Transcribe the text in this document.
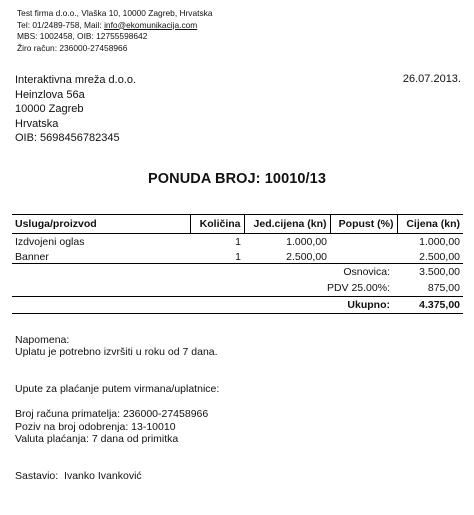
Test firma d.o.o., Vlaška 10, 10000 Zagreb, Hrvatska
Tel: 01/2489-758, Mail: info@ekomunikacija.com
MBS: 1002458, OIB: 12755598642
Žiro račun: 236000-27458966
Interaktivna mreža d.o.o.
Heinzlova 56a
10000 Zagreb
Hrvatska
OIB: 5698456782345
26.07.2013.
PONUDA BROJ: 10010/13
Usluga/proizvod	Količina	Jed.cijena (kn)	Popust (%)	Cijena (kn)
Izdvojeni oglas	1	1.000,00		1.000,00
Banner	1	2.500,00		2.500,00
Osnovica:	3.500,00
PDV 25.00%:	875,00
Ukupno:	4.375,00
Napomena:
Uplatu je potrebno izvršiti u roku od 7 dana.
Upute za plaćanje putem virmana/uplatnice:
Broj računa primatelja: 236000-27458966
Poziv na broj odobrenja: 13-10010
Valuta plaćanja: 7 dana od primitka
Sastavio:  Ivanko Ivanković
